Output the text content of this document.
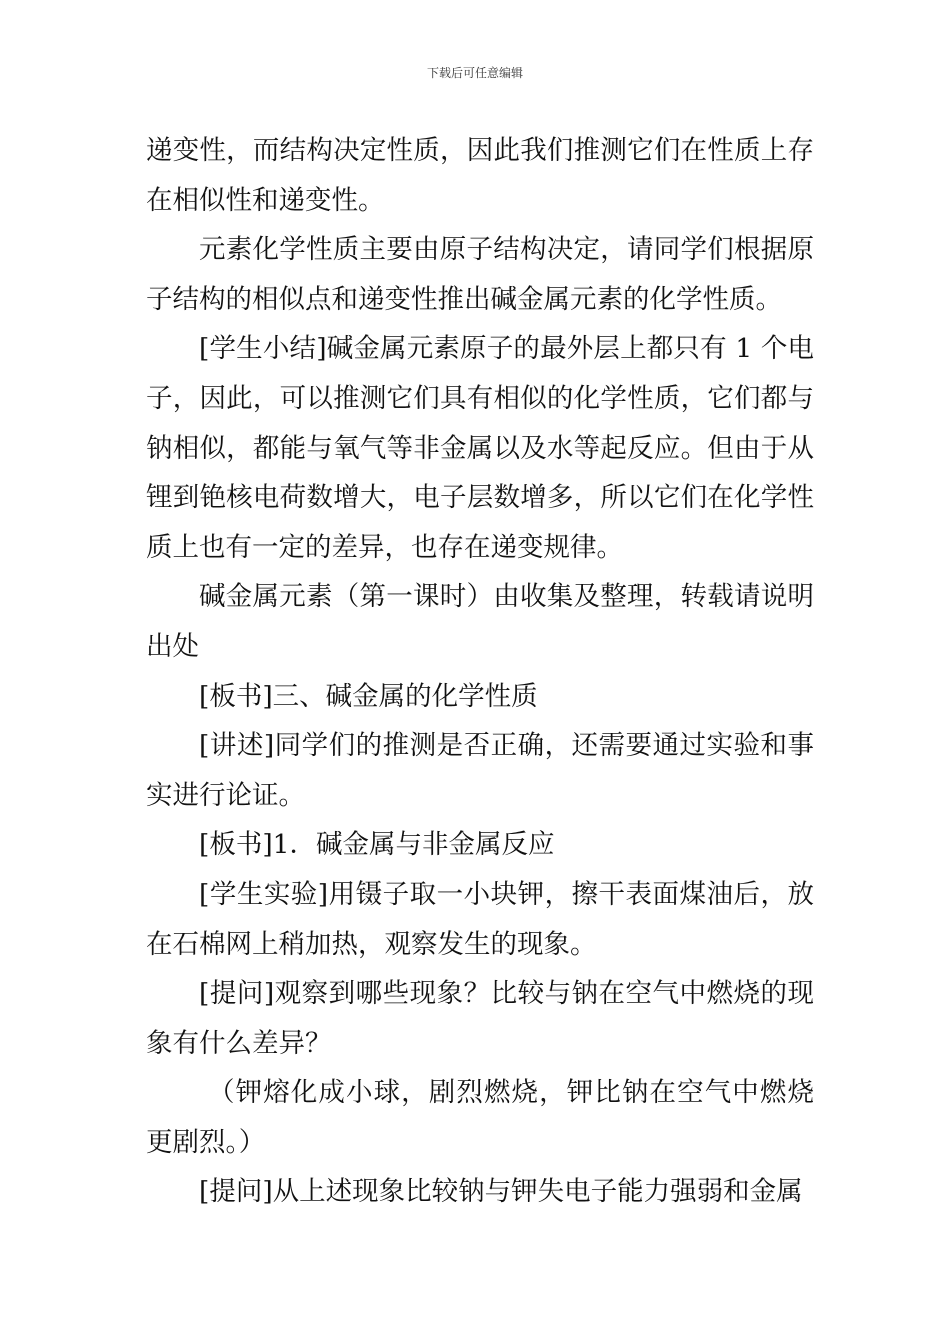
下载后可任意编辑

递变性，而结构决定性质，因此我们推测它们在性质上存在相似性和递变性。

元素化学性质主要由原子结构决定，请同学们根据原子结构的相似点和递变性推出碱金属元素的化学性质。

[学生小结]碱金属元素原子的最外层上都只有 1 个电子，因此，可以推测它们具有相似的化学性质，它们都与钠相似，都能与氧气等非金属以及水等起反应。但由于从锂到铯核电荷数增大，电子层数增多，所以它们在化学性质上也有一定的差异，也存在递变规律。

碱金属元素（第一课时）由收集及整理，转载请说明出处

[板书]三、碱金属的化学性质

[讲述]同学们的推测是否正确，还需要通过实验和事实进行论证。

[板书]1．碱金属与非金属反应

[学生实验]用镊子取一小块钾，擦干表面煤油后，放在石棉网上稍加热，观察发生的现象。

[提问]观察到哪些现象？比较与钠在空气中燃烧的现象有什么差异？

（钾熔化成小球，剧烈燃烧，钾比钠在空气中燃烧更剧烈。）

[提问]从上述现象比较钠与钾失电子能力强弱和金属
